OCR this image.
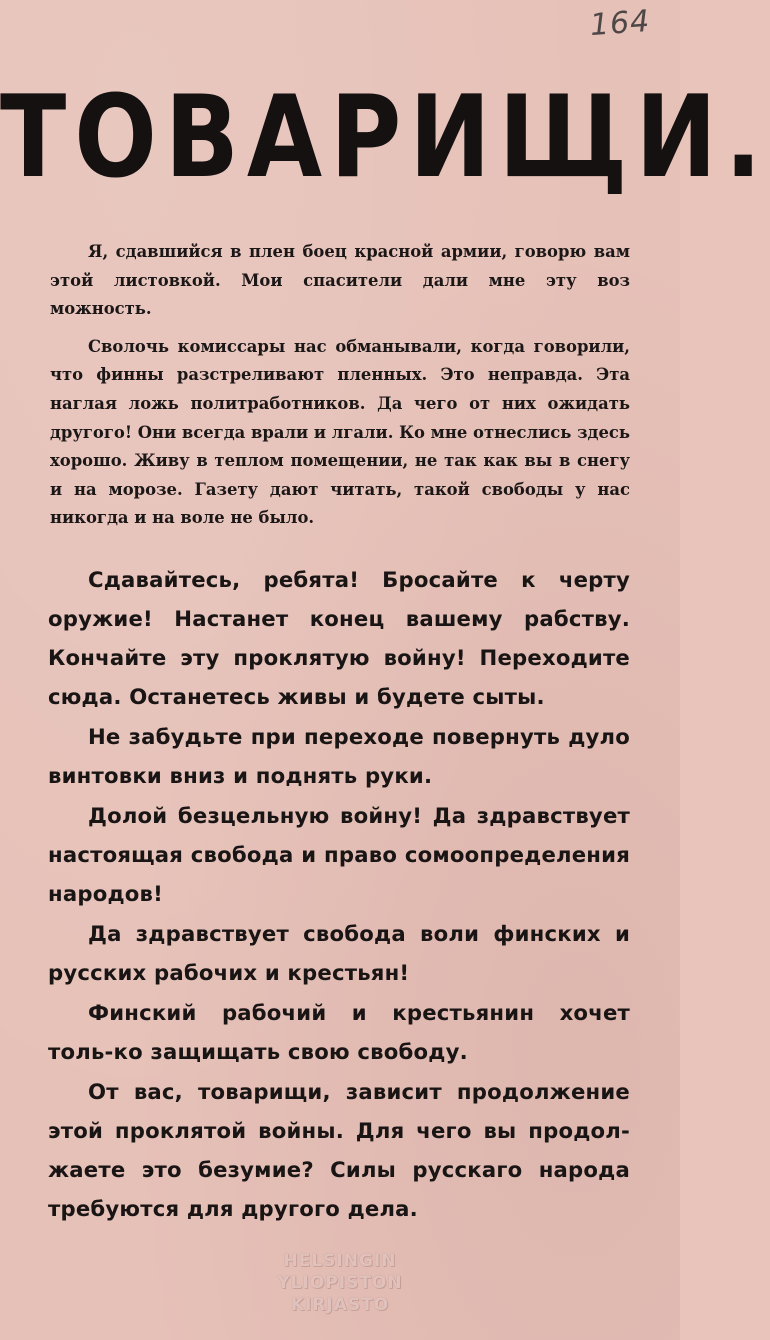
164
ТОВАРИЩИ.

Я, сдавшийся в плен боец красной армии, говорю вам этой листовкой. Мои спасители дали мне эту воз можность.

Сволочь комиссары нас обманывали, когда говорили, что финны разстреливают пленных. Это неправда. Эта наглая ложь политработников. Да чего от них ожидать другого! Они всегда врали и лгали. Ко мне отнеслись здесь хорошо. Живу в теплом помещении, не так как вы в снегу и на морозе. Газету дают читать, такой свободы у нас никогда и на воле не было.

Сдавайтесь, ребята! Бросайте к черту оружие! Настанет конец вашему рабству. Кончайте эту проклятую войну! Переходите сюда. Останетесь живы и будете сыты.

Не забудьте при переходе повернуть дуло винтовки вниз и поднять руки.

Долой безцельную войну! Да здравствует настоящая свобода и право сомоопределения народов!

Да здравствует свобода воли финских и русских рабочих и крестьян!

Финский рабочий и крестьянин хочет толь-ко защищать свою свободу.

От вас, товарищи, зависит продолжение этой проклятой войны. Для чего вы продол-жаете это безумие? Силы русскаго народа требуются для другого дела.

HELSINGIN
YLIOPISTON
KIRJASTO
